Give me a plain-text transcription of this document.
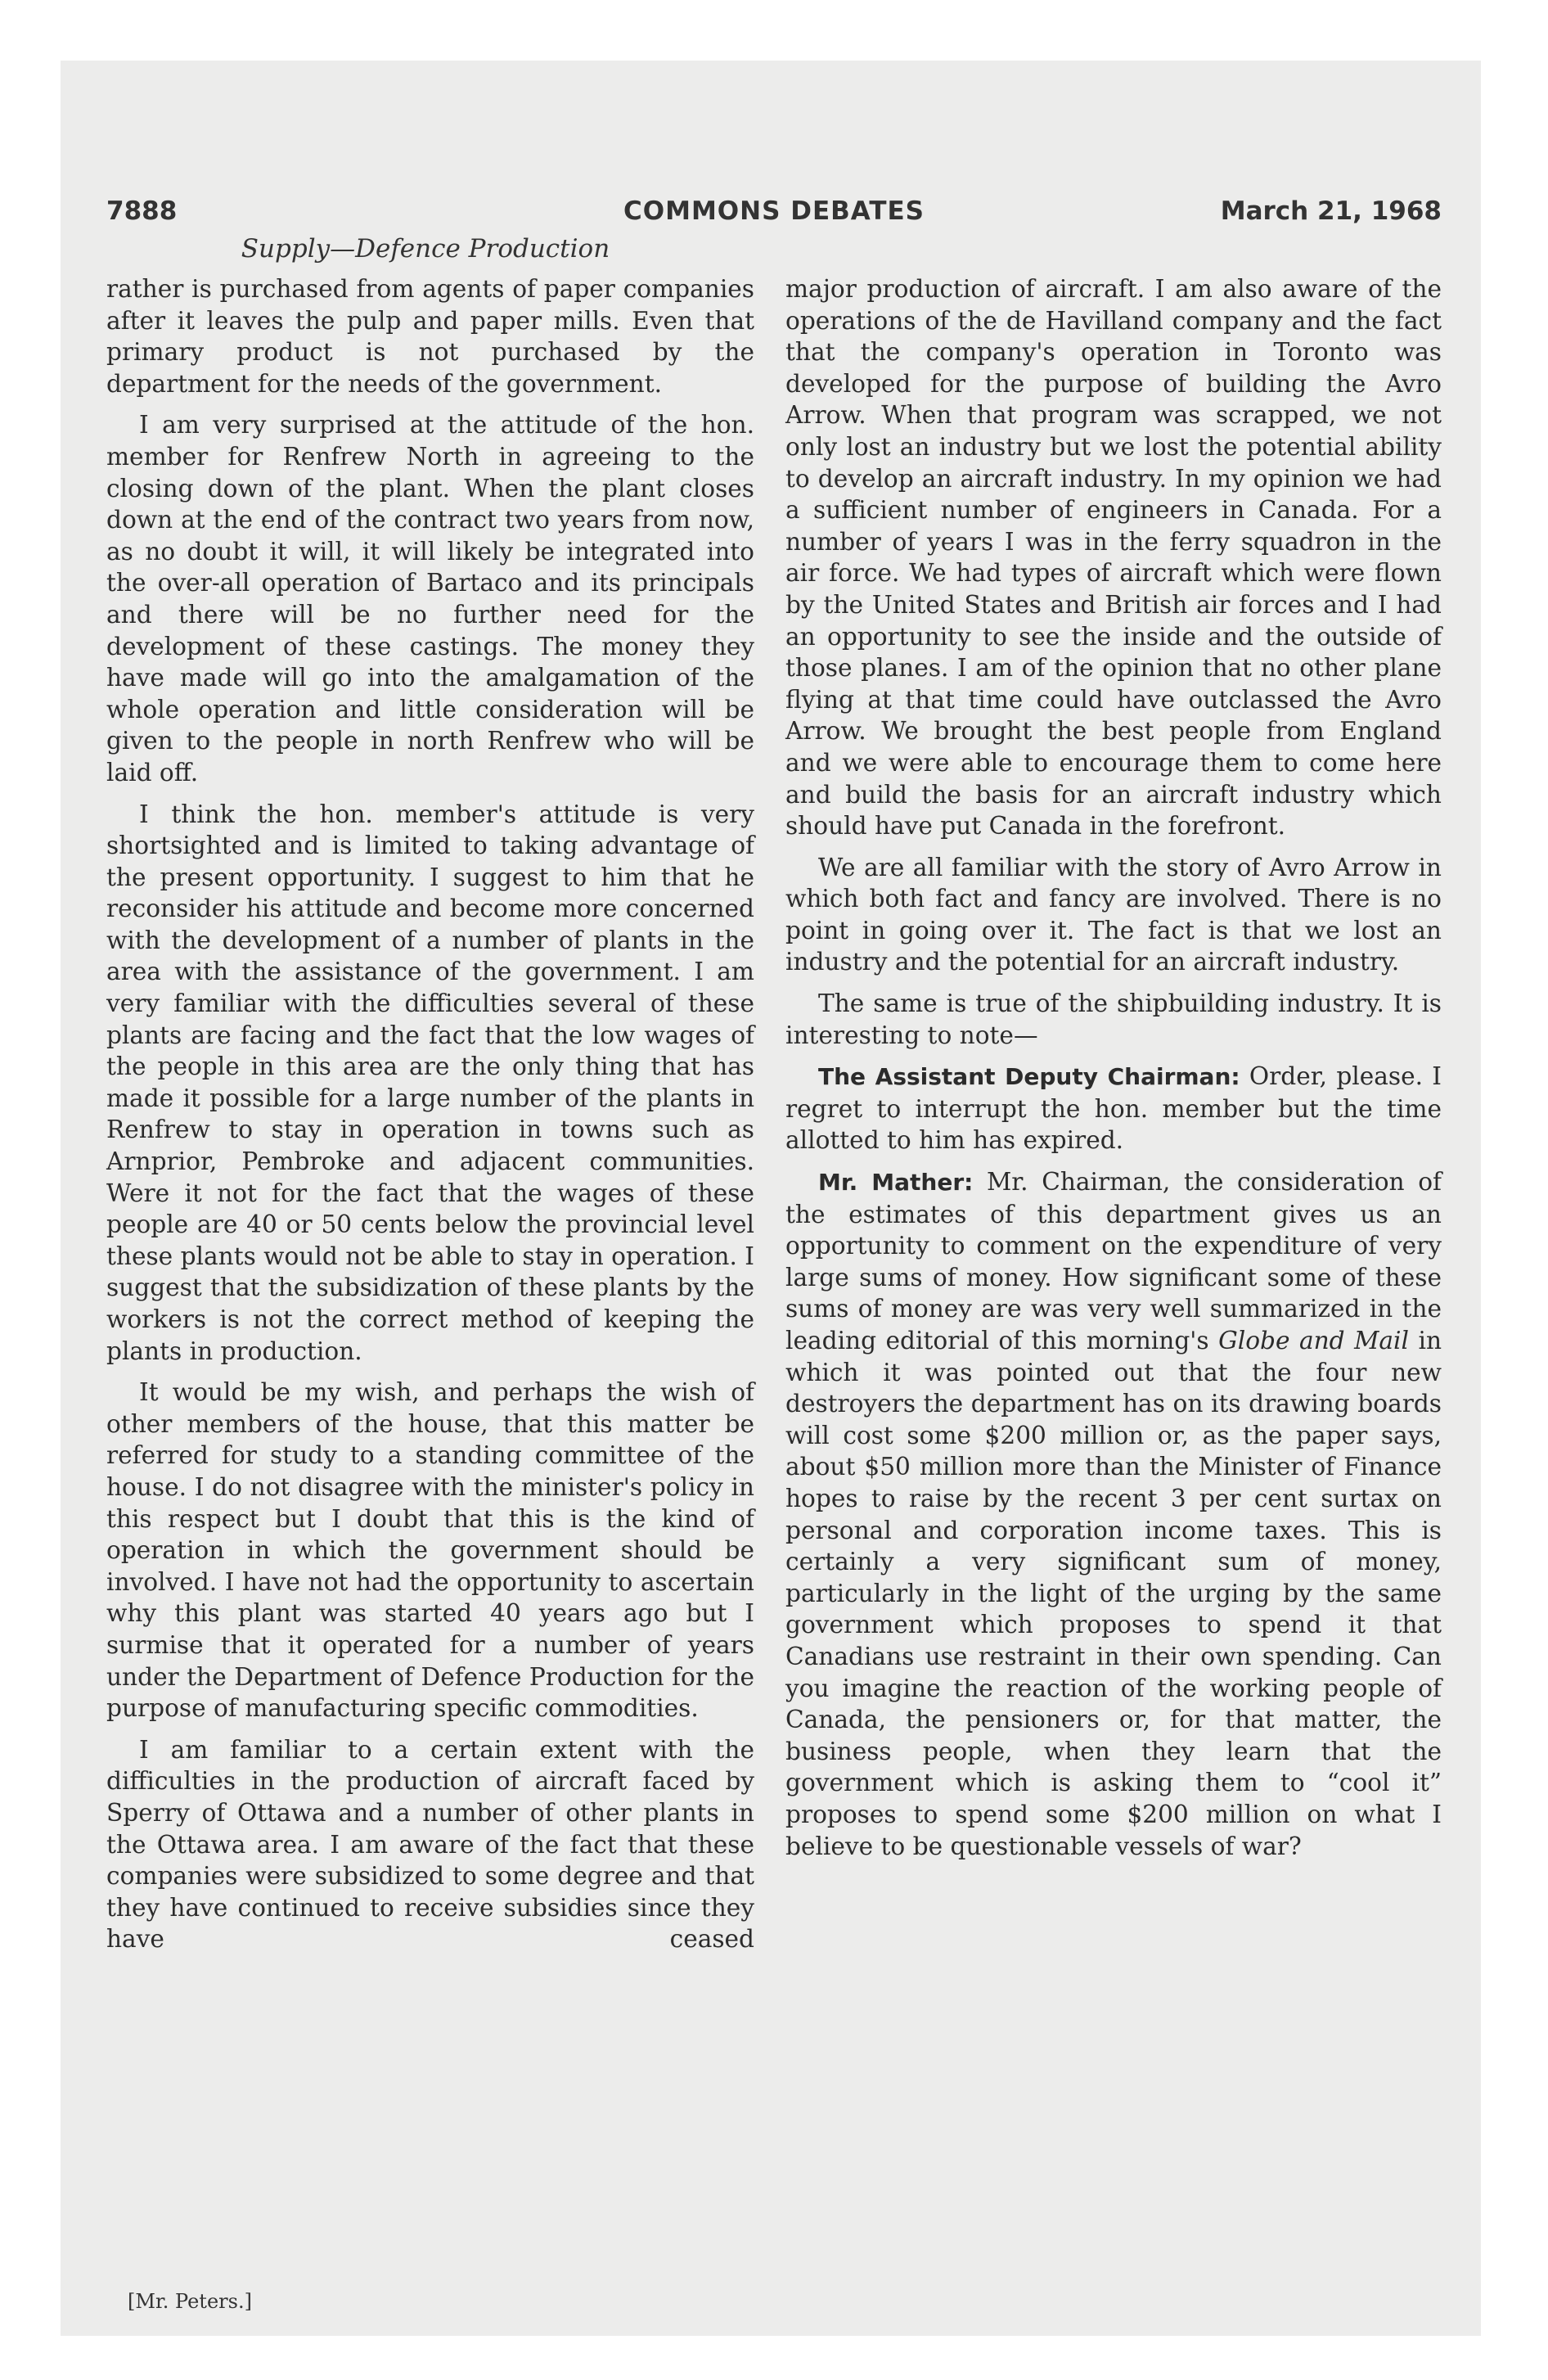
COMMONS DEBATES
7888	March 21, 1968
Supply—Defence Production

rather is purchased from agents of paper companies after it leaves the pulp and paper mills. Even that primary product is not purchased by the department for the needs of the government.

I am very surprised at the attitude of the hon. member for Renfrew North in agreeing to the closing down of the plant. When the plant closes down at the end of the contract two years from now, as no doubt it will, it will likely be integrated into the over-all operation of Bartaco and its principals and there will be no further need for the development of these castings. The money they have made will go into the amalgamation of the whole operation and little consideration will be given to the people in north Renfrew who will be laid off.

I think the hon. member's attitude is very shortsighted and is limited to taking advantage of the present opportunity. I suggest to him that he reconsider his attitude and become more concerned with the development of a number of plants in the area with the assistance of the government. I am very familiar with the difficulties several of these plants are facing and the fact that the low wages of the people in this area are the only thing that has made it possible for a large number of the plants in Renfrew to stay in operation in towns such as Arnprior, Pembroke and adjacent communities. Were it not for the fact that the wages of these people are 40 or 50 cents below the provincial level these plants would not be able to stay in operation. I suggest that the subsidization of these plants by the workers is not the correct method of keeping the plants in production.

It would be my wish, and perhaps the wish of other members of the house, that this matter be referred for study to a standing committee of the house. I do not disagree with the minister's policy in this respect but I doubt that this is the kind of operation in which the government should be involved. I have not had the opportunity to ascertain why this plant was started 40 years ago but I surmise that it operated for a number of years under the Department of Defence Production for the purpose of manufacturing specific commodities.

I am familiar to a certain extent with the difficulties in the production of aircraft faced by Sperry of Ottawa and a number of other plants in the Ottawa area. I am aware of the fact that these companies were subsidized to some degree and that they have continued to receive subsidies since they have ceased

major production of aircraft. I am also aware of the operations of the de Havilland company and the fact that the company's operation in Toronto was developed for the purpose of building the Avro Arrow. When that program was scrapped, we not only lost an industry but we lost the potential ability to develop an aircraft industry. In my opinion we had a sufficient number of engineers in Canada. For a number of years I was in the ferry squadron in the air force. We had types of aircraft which were flown by the United States and British air forces and I had an opportunity to see the inside and the outside of those planes. I am of the opinion that no other plane flying at that time could have outclassed the Avro Arrow. We brought the best people from England and we were able to encourage them to come here and build the basis for an aircraft industry which should have put Canada in the forefront.

We are all familiar with the story of Avro Arrow in which both fact and fancy are involved. There is no point in going over it. The fact is that we lost an industry and the potential for an aircraft industry.

The same is true of the shipbuilding industry. It is interesting to note—

The Assistant Deputy Chairman: Order, please. I regret to interrupt the hon. member but the time allotted to him has expired.

Mr. Mather: Mr. Chairman, the consideration of the estimates of this department gives us an opportunity to comment on the expenditure of very large sums of money. How significant some of these sums of money are was very well summarized in the leading editorial of this morning's Globe and Mail in which it was pointed out that the four new destroyers the department has on its drawing boards will cost some $200 million or, as the paper says, about $50 million more than the Minister of Finance hopes to raise by the recent 3 per cent surtax on personal and corporation income taxes. This is certainly a very significant sum of money, particularly in the light of the urging by the same government which proposes to spend it that Canadians use restraint in their own spending. Can you imagine the reaction of the working people of Canada, the pensioners or, for that matter, the business people, when they learn that the government which is asking them to “cool it” proposes to spend some $200 million on what I believe to be questionable vessels of war?

[Mr. Peters.]
